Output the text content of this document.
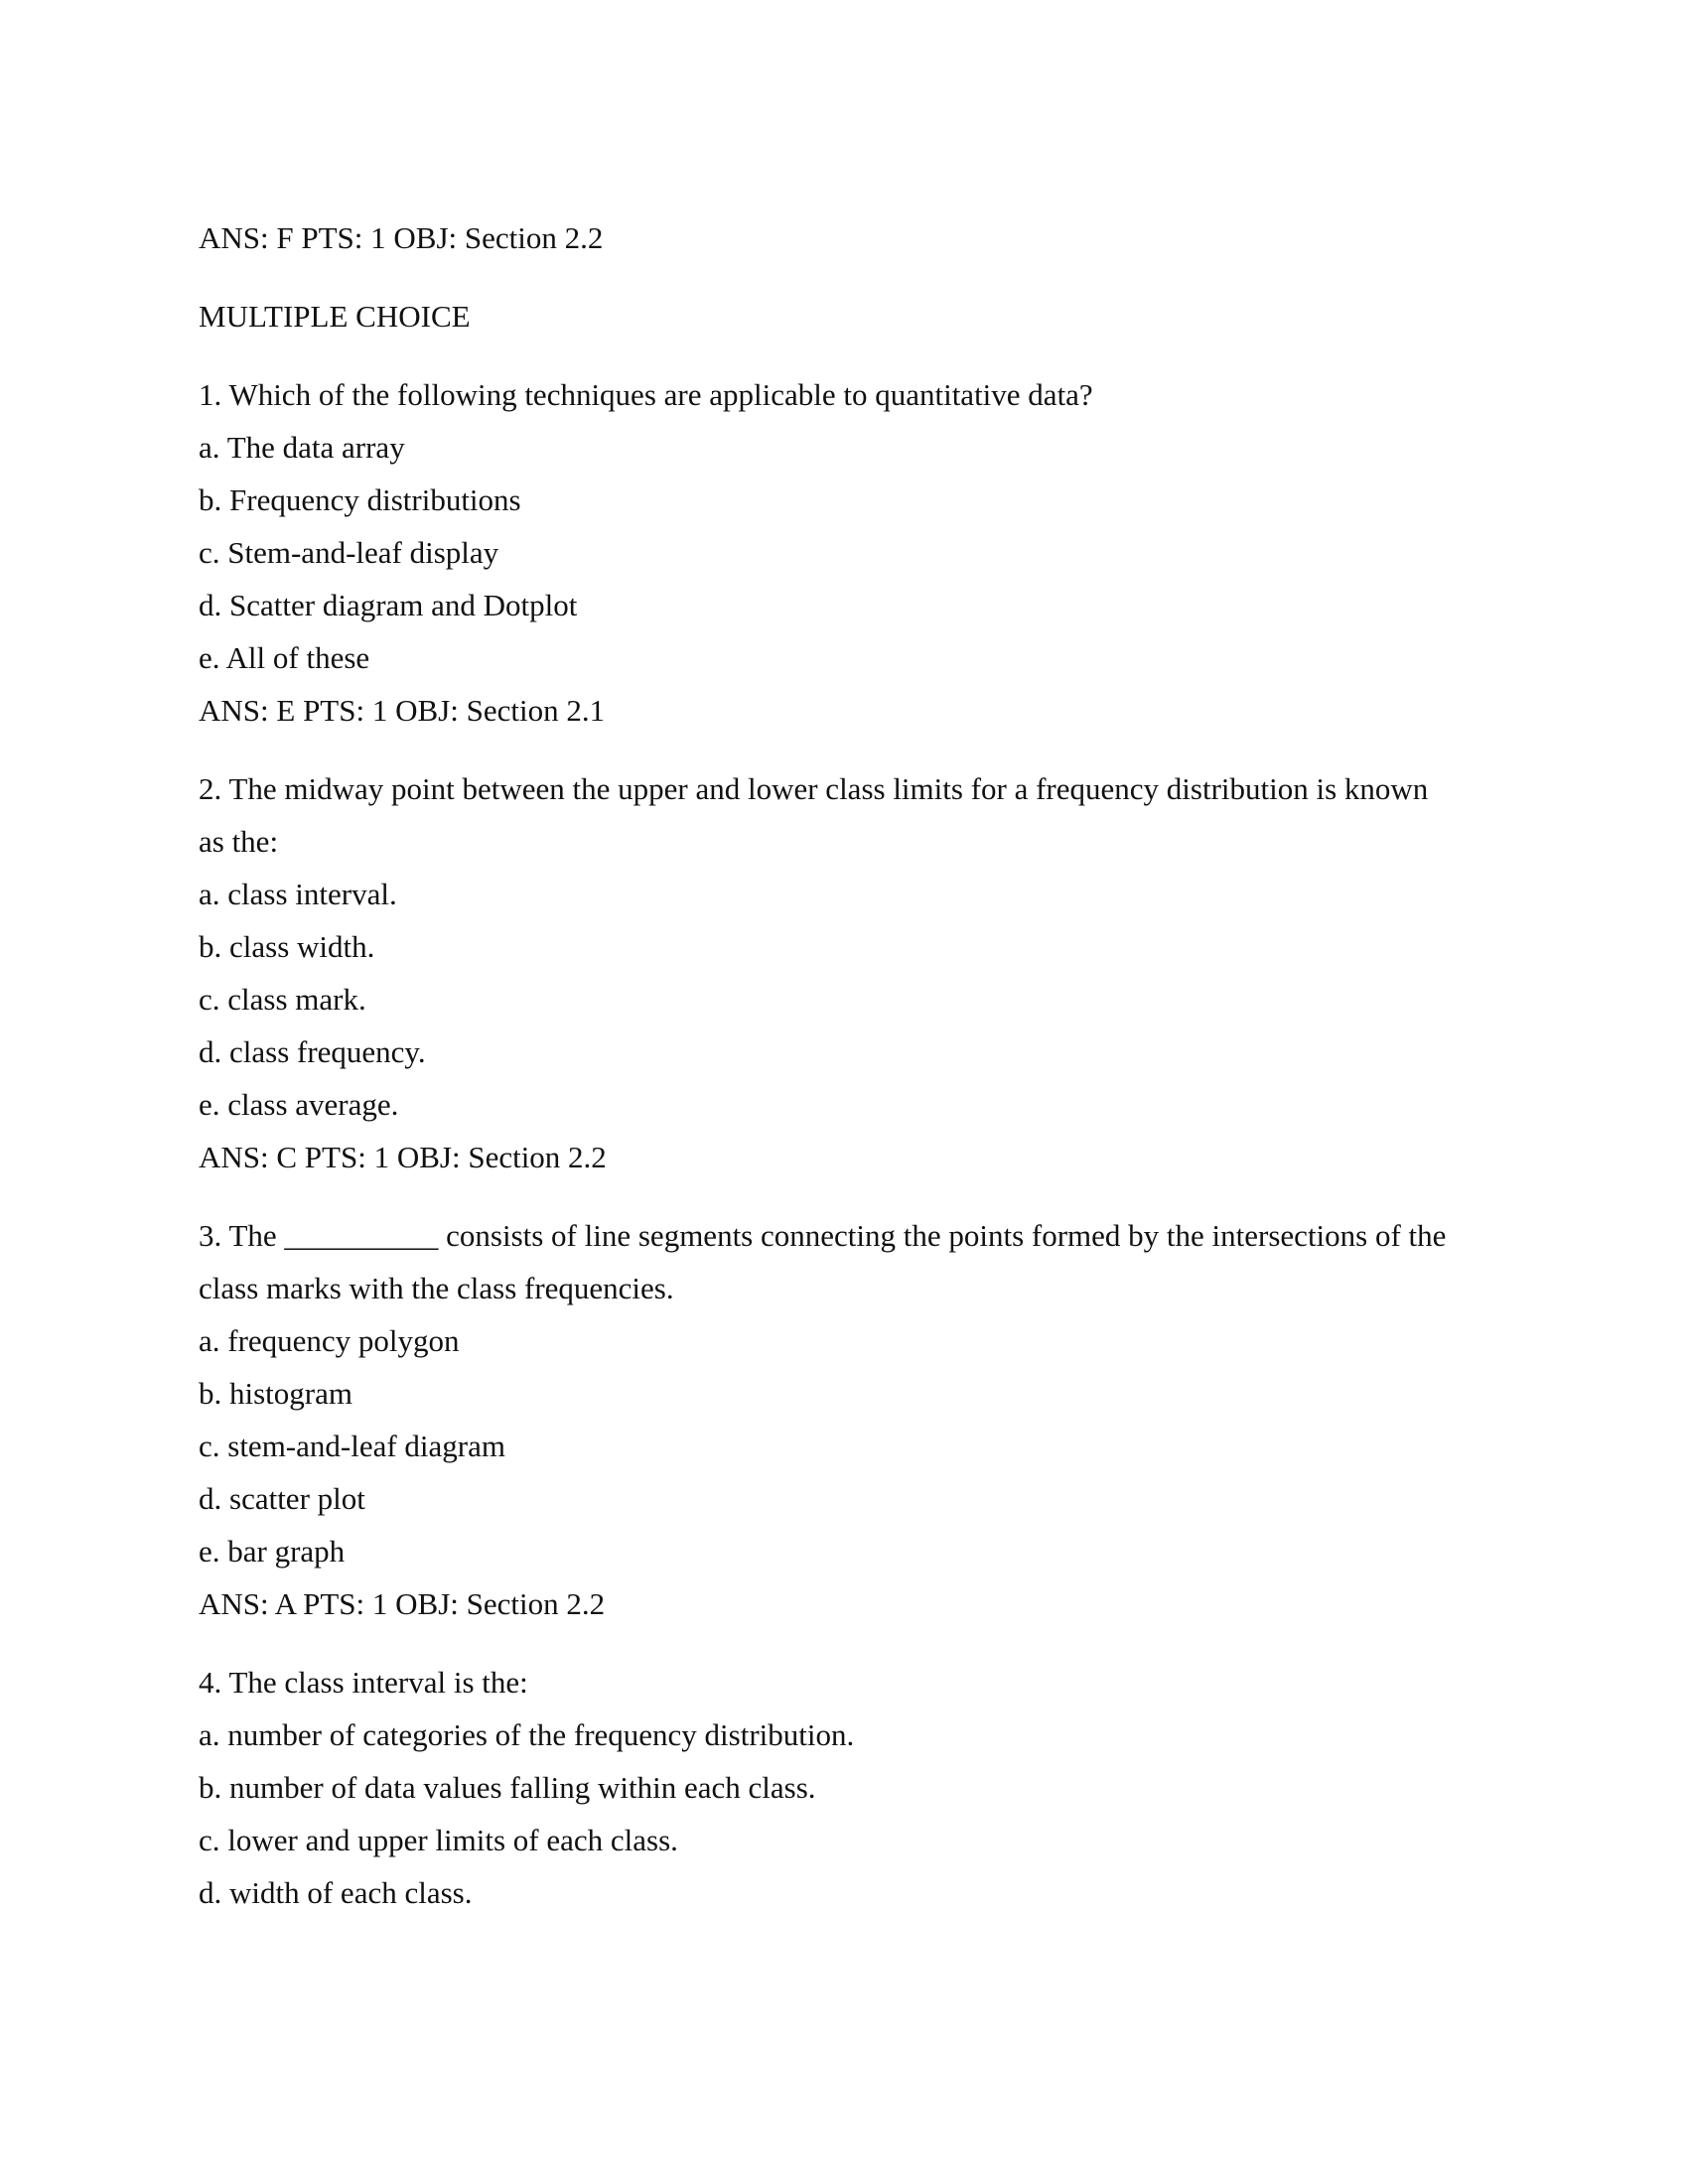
ANS: F PTS: 1 OBJ: Section 2.2
MULTIPLE CHOICE
1. Which of the following techniques are applicable to quantitative data?
a. The data array
b. Frequency distributions
c. Stem-and-leaf display
d. Scatter diagram and Dotplot
e. All of these
ANS: E PTS: 1 OBJ: Section 2.1
2. The midway point between the upper and lower class limits for a frequency distribution is known
as the:
a. class interval.
b. class width.
c. class mark.
d. class frequency.
e. class average.
ANS: C PTS: 1 OBJ: Section 2.2
3. The __________ consists of line segments connecting the points formed by the intersections of the
class marks with the class frequencies.
a. frequency polygon
b. histogram
c. stem-and-leaf diagram
d. scatter plot
e. bar graph
ANS: A PTS: 1 OBJ: Section 2.2
4. The class interval is the:
a. number of categories of the frequency distribution.
b. number of data values falling within each class.
c. lower and upper limits of each class.
d. width of each class.
